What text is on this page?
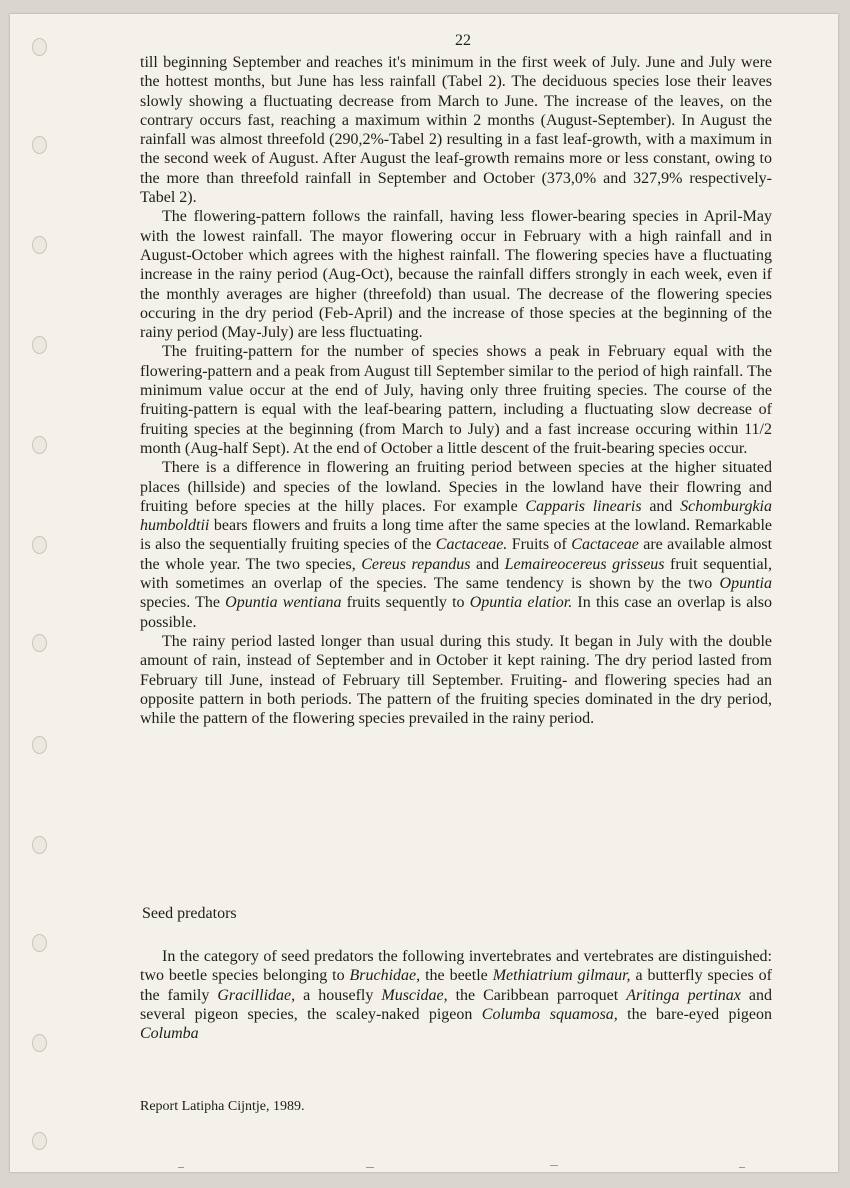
22

till beginning September and reaches it's minimum in the first week of July. June and July were the hottest months, but June has less rainfall (Tabel 2). The deciduous species lose their leaves slowly showing a fluctuating decrease from March to June. The increase of the leaves, on the contrary occurs fast, reaching a maximum within 2 months (August-September). In August the rainfall was almost threefold (290,2%-Tabel 2) resulting in a fast leaf-growth, with a maximum in the second week of August. After August the leaf-growth remains more or less constant, owing to the more than threefold rainfall in September and October (373,0% and 327,9% respectively-Tabel 2).

The flowering-pattern follows the rainfall, having less flower-bearing species in April-May with the lowest rainfall. The mayor flowering occur in February with a high rainfall and in August-October which agrees with the highest rainfall. The flowering species have a fluctuating increase in the rainy period (Aug-Oct), because the rainfall differs strongly in each week, even if the monthly averages are higher (threefold) than usual. The decrease of the flowering species occuring in the dry period (Feb-April) and the increase of those species at the beginning of the rainy period (May-July) are less fluctuating.

The fruiting-pattern for the number of species shows a peak in February equal with the flowering-pattern and a peak from August till September similar to the period of high rainfall. The minimum value occur at the end of July, having only three fruiting species. The course of the fruiting-pattern is equal with the leaf-bearing pattern, including a fluctuating slow decrease of fruiting species at the beginning (from March to July) and a fast increase occuring within 11/2 month (Aug-half Sept). At the end of October a little descent of the fruit-bearing species occur.

There is a difference in flowering an fruiting period between species at the higher situated places (hillside) and species of the lowland. Species in the lowland have their flowring and fruiting before species at the hilly places. For example Capparis linearis and Schomburgkia humboldtii bears flowers and fruits a long time after the same species at the lowland. Remarkable is also the sequentially fruiting species of the Cactaceae. Fruits of Cactaceae are available almost the whole year. The two species, Cereus repandus and Lemaireocereus grisseus fruit sequential, with sometimes an overlap of the species. The same tendency is shown by the two Opuntia species. The Opuntia wentiana fruits sequently to Opuntia elatior. In this case an overlap is also possible.

The rainy period lasted longer than usual during this study. It began in July with the double amount of rain, instead of September and in October it kept raining. The dry period lasted from February till June, instead of February till September. Fruiting- and flowering species had an opposite pattern in both periods. The pattern of the fruiting species dominated in the dry period, while the pattern of the flowering species prevailed in the rainy period.

Seed predators

In the category of seed predators the following invertebrates and vertebrates are distinguished: two beetle species belonging to Bruchidae, the beetle Methiatrium gilmaur, a butterfly species of the family Gracillidae, a housefly Muscidae, the Caribbean parroquet Aritinga pertinax and several pigeon species, the scaley-naked pigeon Columba squamosa, the bare-eyed pigeon Columba

Report Latipha Cijntje, 1989.
